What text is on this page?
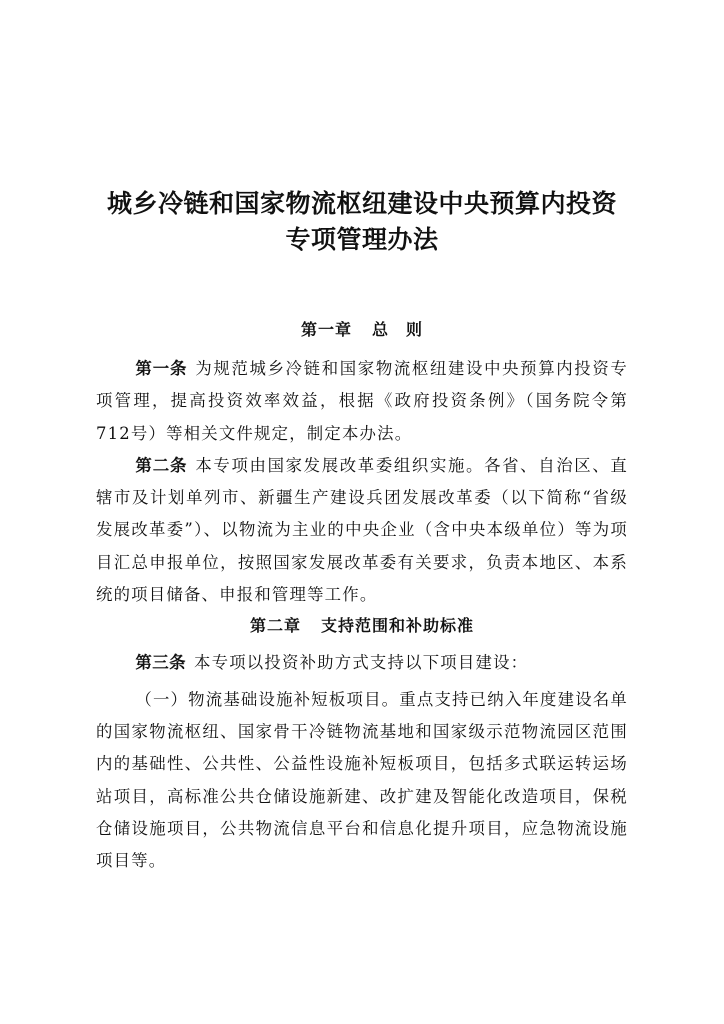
城乡冷链和国家物流枢纽建设中央预算内投资
专项管理办法
第一章 总　则

第一条 为规范城乡冷链和国家物流枢纽建设中央预算内投资专项管理，提高投资效率效益，根据《政府投资条例》（国务院令第712号）等相关文件规定，制定本办法。

第二条 本专项由国家发展改革委组织实施。各省、自治区、直辖市及计划单列市、新疆生产建设兵团发展改革委（以下简称“省级发展改革委”）、以物流为主业的中央企业（含中央本级单位）等为项目汇总申报单位，按照国家发展改革委有关要求，负责本地区、本系统的项目储备、申报和管理等工作。

第二章 支持范围和补助标准

第三条 本专项以投资补助方式支持以下项目建设：

（一）物流基础设施补短板项目。重点支持已纳入年度建设名单的国家物流枢纽、国家骨干冷链物流基地和国家级示范物流园区范围内的基础性、公共性、公益性设施补短板项目，包括多式联运转运场站项目，高标准公共仓储设施新建、改扩建及智能化改造项目，保税仓储设施项目，公共物流信息平台和信息化提升项目，应急物流设施项目等。
